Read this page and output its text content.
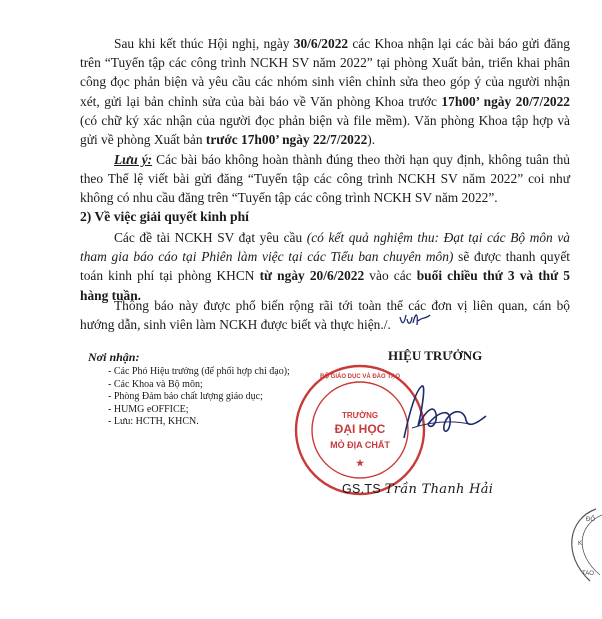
Sau khi kết thúc Hội nghị, ngày 30/6/2022 các Khoa nhận lại các bài báo gửi đăng trên “Tuyển tập các công trình NCKH SV năm 2022” tại phòng Xuất bản, triển khai phân công đọc phản biện và yêu cầu các nhóm sinh viên chỉnh sửa theo góp ý của người nhận xét, gửi lại bản chỉnh sửa của bài báo về Văn phòng Khoa trước 17h00’ ngày 20/7/2022 (có chữ ký xác nhận của người đọc phản biện và file mềm). Văn phòng Khoa tập hợp và gửi về phòng Xuất bản trước 17h00’ ngày 22/7/2022).

Lưu ý: Các bài báo không hoàn thành đúng theo thời hạn quy định, không tuân thủ theo Thể lệ viết bài gửi đăng “Tuyển tập các công trình NCKH SV năm 2022” coi như không có nhu cầu đăng trên “Tuyển tập các công trình NCKH SV năm 2022”.

2) Về việc giải quyết kinh phí

Các đề tài NCKH SV đạt yêu cầu (có kết quả nghiệm thu: Đạt tại các Bộ môn và tham gia báo cáo tại Phiên làm việc tại các Tiểu ban chuyên môn) sẽ được thanh quyết toán kinh phí tại phòng KHCN từ ngày 20/6/2022 vào các buổi chiều thứ 3 và thứ 5 hàng tuần.

Thông báo này được phổ biến rộng rãi tới toàn thể các đơn vị liên quan, cán bộ hướng dẫn, sinh viên làm NCKH được biết và thực hiện./.

Nơi nhận:
- Các Phó Hiệu trưởng (để phối hợp chỉ đạo);
- Các Khoa và Bộ môn;
- Phòng Đảm bảo chất lượng giáo dục;
- HUMG eOFFICE;
- Lưu: HCTH, KHCN.
HIỆU TRƯỞNG
TRƯỜNG
ĐẠI HỌC
MỎ ĐỊA CHẤT
BỘ GIÁO DỤC VÀ ĐÀO TẠO
★
GS.TS Trần Thanh Hải
ĐỐ
K
TAO
